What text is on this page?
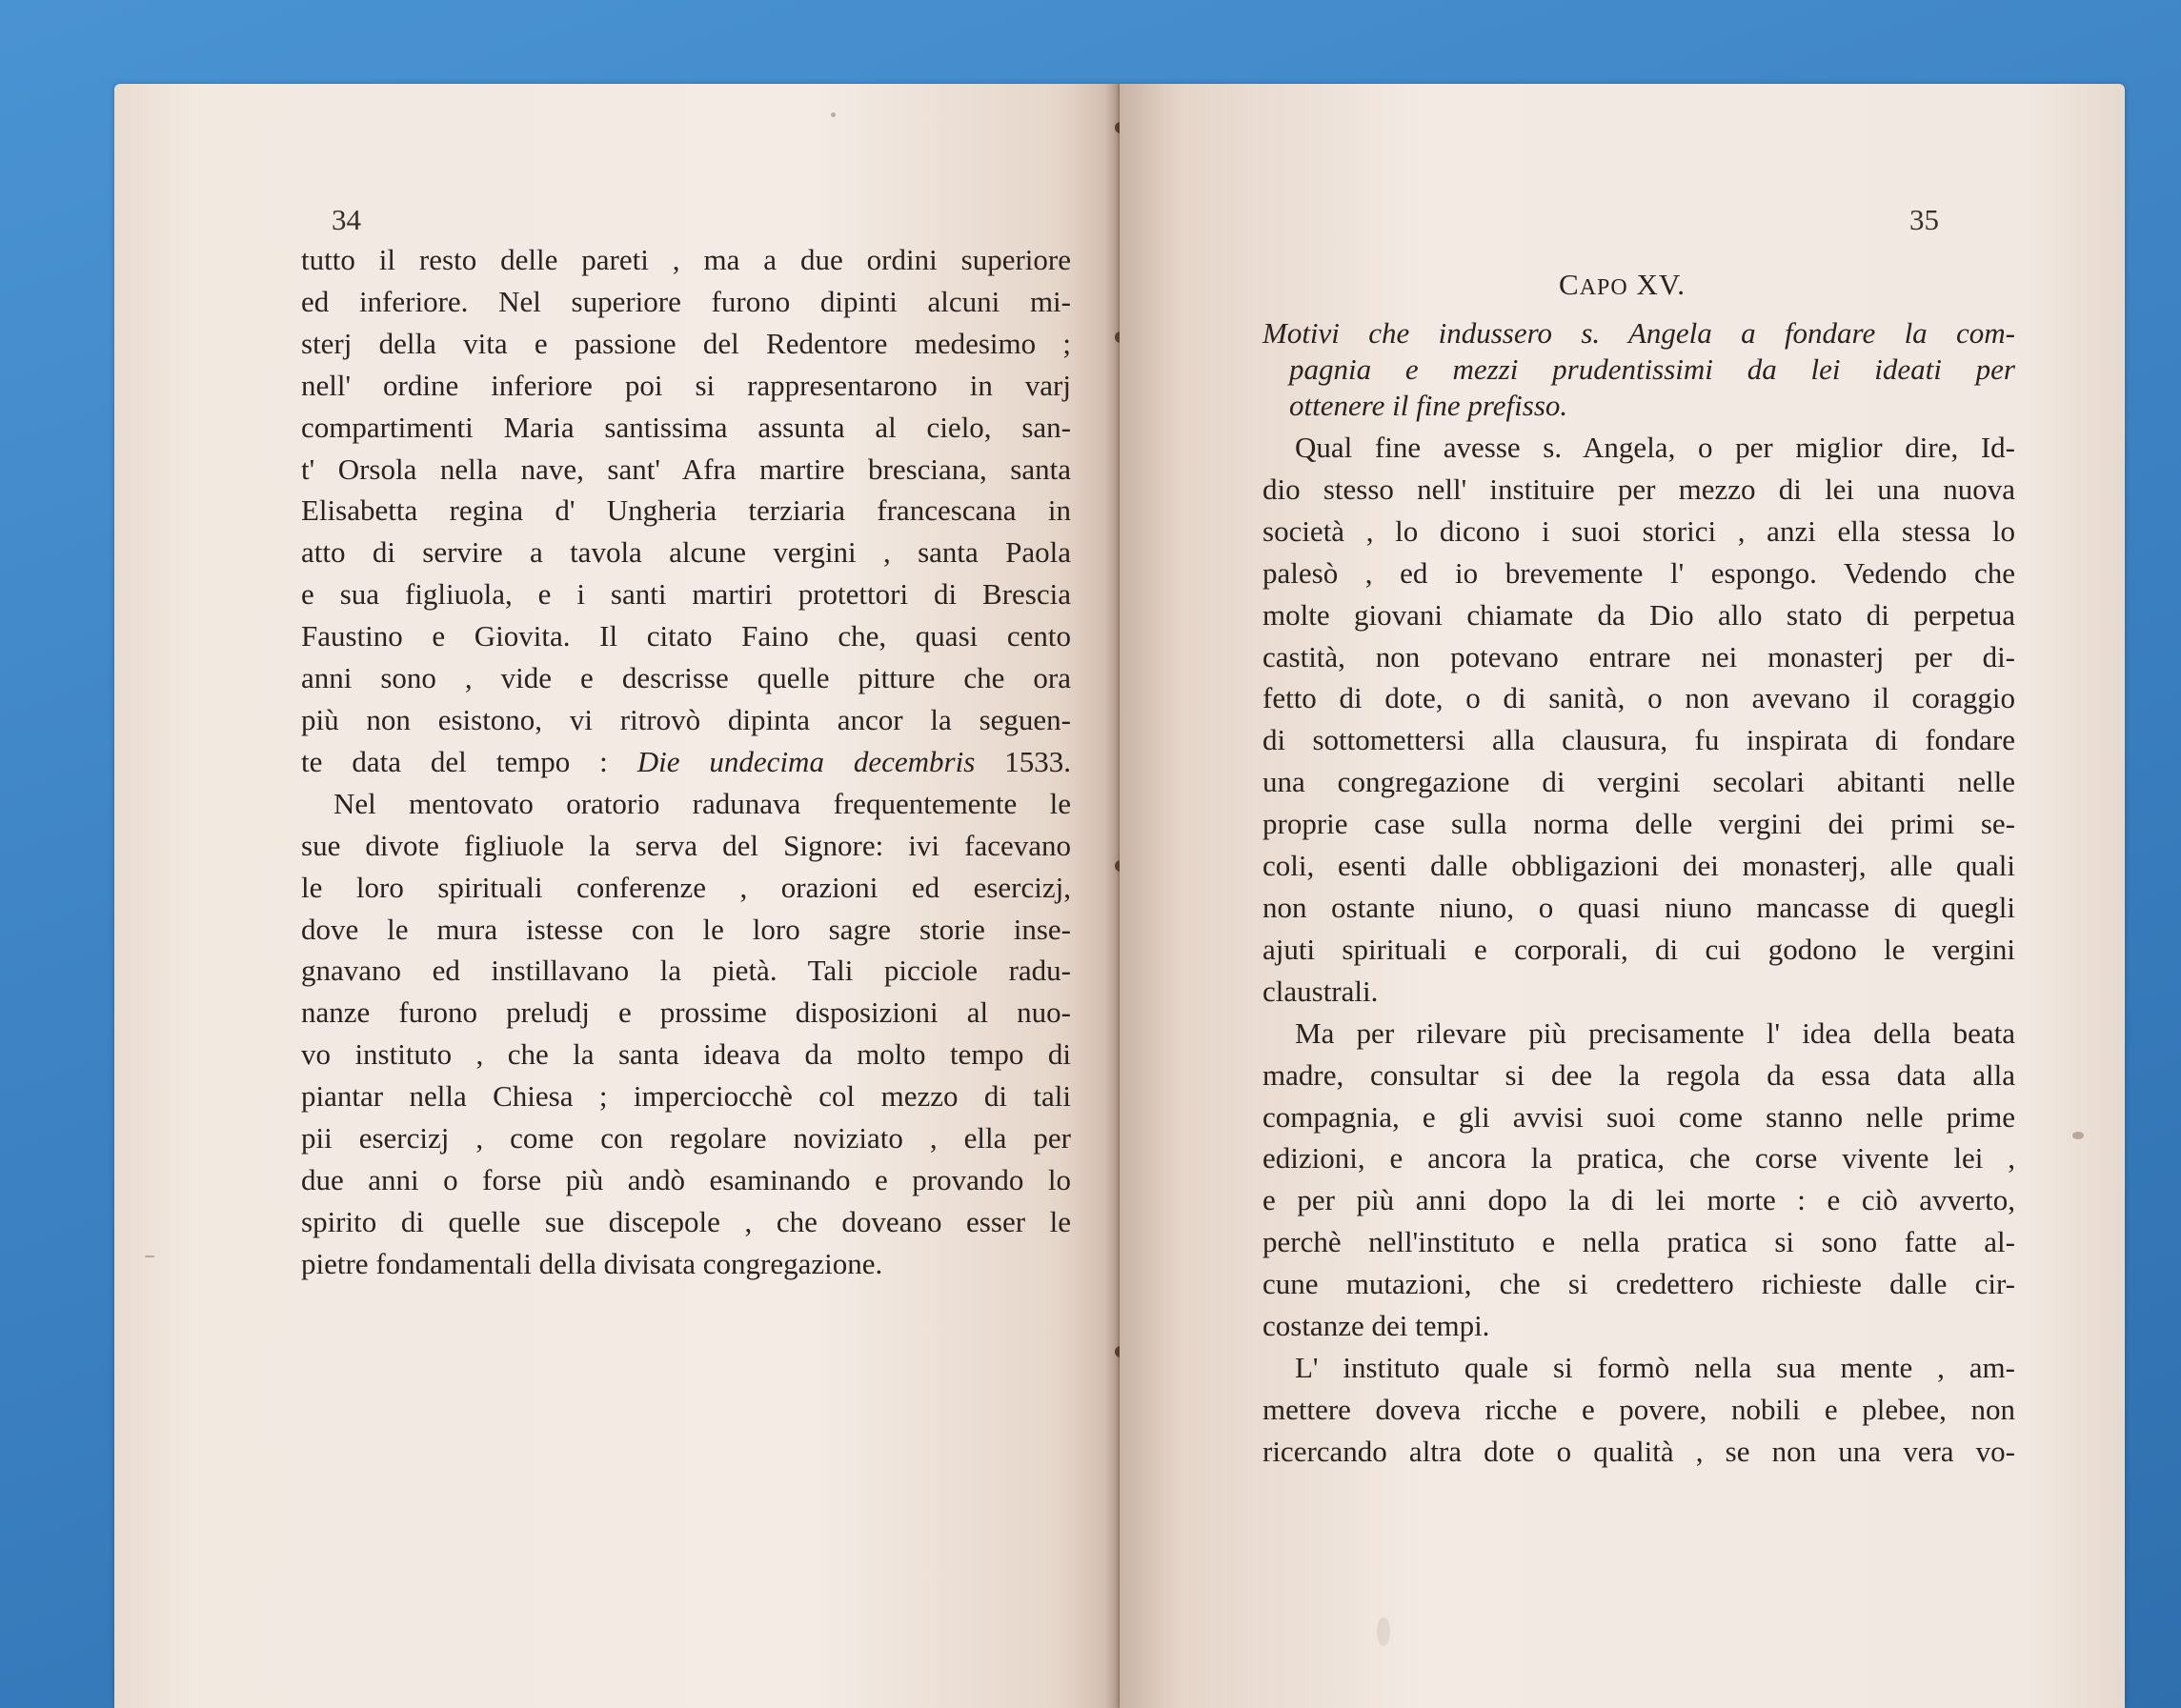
34
tutto il resto delle pareti , ma a due ordini superiore
ed inferiore. Nel superiore furono dipinti alcuni mi-
sterj della vita e passione del Redentore medesimo ;
nell' ordine inferiore poi si rappresentarono in varj
compartimenti Maria santissima assunta al cielo, san-
t' Orsola nella nave, sant' Afra martire bresciana, santa
Elisabetta regina d' Ungheria terziaria francescana in
atto di servire a tavola alcune vergini , santa Paola
e sua figliuola, e i santi martiri protettori di Brescia
Faustino e Giovita. Il citato Faino che, quasi cento
anni sono , vide e descrisse quelle pitture che ora
più non esistono, vi ritrovò dipinta ancor la seguen-
te data del tempo : Die undecima decembris 1533.
Nel mentovato oratorio radunava frequentemente le
sue divote figliuole la serva del Signore: ivi facevano
le loro spirituali conferenze , orazioni ed esercizj,
dove le mura istesse con le loro sagre storie inse-
gnavano ed instillavano la pietà. Tali picciole radu-
nanze furono preludj e prossime disposizioni al nuo-
vo instituto , che la santa ideava da molto tempo di
piantar nella Chiesa ; imperciocchè col mezzo di tali
pii esercizj , come con regolare noviziato , ella per
due anni o forse più andò esaminando e provando lo
spirito di quelle sue discepole , che doveano esser le
pietre fondamentali della divisata congregazione.
35
CAPO XV.
Motivi che indussero s. Angela a fondare la com-
pagnia e mezzi prudentissimi da lei ideati per
ottenere il fine prefisso.
Qual fine avesse s. Angela, o per miglior dire, Id-
dio stesso nell' instituire per mezzo di lei una nuova
società , lo dicono i suoi storici , anzi ella stessa lo
palesò , ed io brevemente l' espongo. Vedendo che
molte giovani chiamate da Dio allo stato di perpetua
castità, non potevano entrare nei monasterj per di-
fetto di dote, o di sanità, o non avevano il coraggio
di sottomettersi alla clausura, fu inspirata di fondare
una congregazione di vergini secolari abitanti nelle
proprie case sulla norma delle vergini dei primi se-
coli, esenti dalle obbligazioni dei monasterj, alle quali
non ostante niuno, o quasi niuno mancasse di quegli
ajuti spirituali e corporali, di cui godono le vergini
claustrali.
Ma per rilevare più precisamente l' idea della beata
madre, consultar si dee la regola da essa data alla
compagnia, e gli avvisi suoi come stanno nelle prime
edizioni, e ancora la pratica, che corse vivente lei ,
e per più anni dopo la di lei morte : e ciò avverto,
perchè nell'instituto e nella pratica si sono fatte al-
cune mutazioni, che si credettero richieste dalle cir-
costanze dei tempi.
L' instituto quale si formò nella sua mente , am-
mettere doveva ricche e povere, nobili e plebee, non
ricercando altra dote o qualità , se non una vera vo-
